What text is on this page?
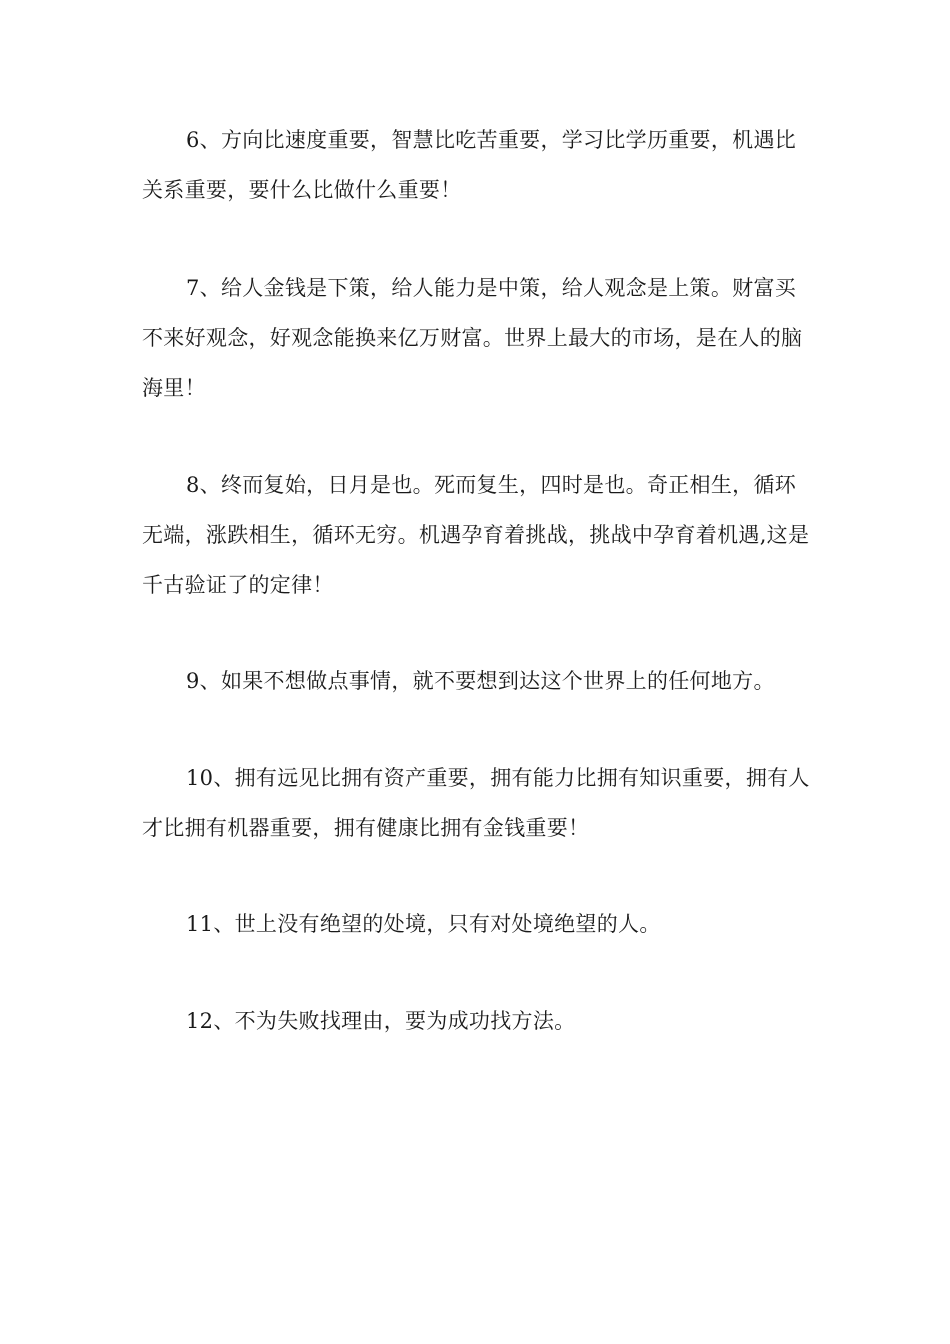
6、方向比速度重要，智慧比吃苦重要，学习比学历重要，机遇比关系重要，要什么比做什么重要！

7、给人金钱是下策，给人能力是中策，给人观念是上策。财富买不来好观念，好观念能换来亿万财富。世界上最大的市场，是在人的脑海里！

8、终而复始，日月是也。死而复生，四时是也。奇正相生，循环无端，涨跌相生，循环无穷。机遇孕育着挑战，挑战中孕育着机遇,这是千古验证了的定律！

9、如果不想做点事情，就不要想到达这个世界上的任何地方。

10、拥有远见比拥有资产重要，拥有能力比拥有知识重要，拥有人才比拥有机器重要，拥有健康比拥有金钱重要！

11、世上没有绝望的处境，只有对处境绝望的人。

12、不为失败找理由，要为成功找方法。
